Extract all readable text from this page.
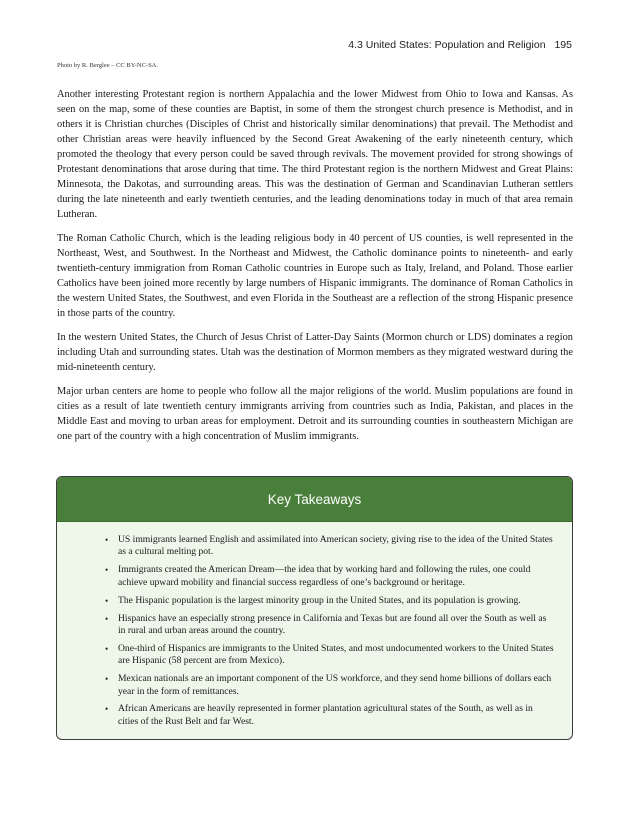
4.3 United States: Population and Religion 195
Photo by R. Berglee – CC BY-NC-SA.

Another interesting Protestant region is northern Appalachia and the lower Midwest from Ohio to Iowa and Kansas. As seen on the map, some of these counties are Baptist, in some of them the strongest church presence is Methodist, and in others it is Christian churches (Disciples of Christ and historically similar denominations) that prevail. The Methodist and other Christian areas were heavily influenced by the Second Great Awakening of the early nineteenth century, which promoted the theology that every person could be saved through revivals. The movement provided for strong showings of Protestant denominations that arose during that time. The third Protestant region is the northern Midwest and Great Plains: Minnesota, the Dakotas, and surrounding areas. This was the destination of German and Scandinavian Lutheran settlers during the late nineteenth and early twentieth centuries, and the leading denominations today in much of that area remain Lutheran.

The Roman Catholic Church, which is the leading religious body in 40 percent of US counties, is well represented in the Northeast, West, and Southwest. In the Northeast and Midwest, the Catholic dominance points to nineteenth- and early twentieth-century immigration from Roman Catholic countries in Europe such as Italy, Ireland, and Poland. Those earlier Catholics have been joined more recently by large numbers of Hispanic immigrants. The dominance of Roman Catholics in the western United States, the Southwest, and even Florida in the Southeast are a reflection of the strong Hispanic presence in those parts of the country.

In the western United States, the Church of Jesus Christ of Latter-Day Saints (Mormon church or LDS) dominates a region including Utah and surrounding states. Utah was the destination of Mormon members as they migrated westward during the mid-nineteenth century.

Major urban centers are home to people who follow all the major religions of the world. Muslim populations are found in cities as a result of late twentieth century immigrants arriving from countries such as India, Pakistan, and places in the Middle East and moving to urban areas for employment. Detroit and its surrounding counties in southeastern Michigan are one part of the country with a high concentration of Muslim immigrants.

Key Takeaways
• US immigrants learned English and assimilated into American society, giving rise to the idea of the United States as a cultural melting pot.
• Immigrants created the American Dream—the idea that by working hard and following the rules, one could achieve upward mobility and financial success regardless of one’s background or heritage.
• The Hispanic population is the largest minority group in the United States, and its population is growing.
• Hispanics have an especially strong presence in California and Texas but are found all over the South as well as in rural and urban areas around the country.
• One-third of Hispanics are immigrants to the United States, and most undocumented workers to the United States are Hispanic (58 percent are from Mexico).
• Mexican nationals are an important component of the US workforce, and they send home billions of dollars each year in the form of remittances.
• African Americans are heavily represented in former plantation agricultural states of the South, as well as in cities of the Rust Belt and far West.
